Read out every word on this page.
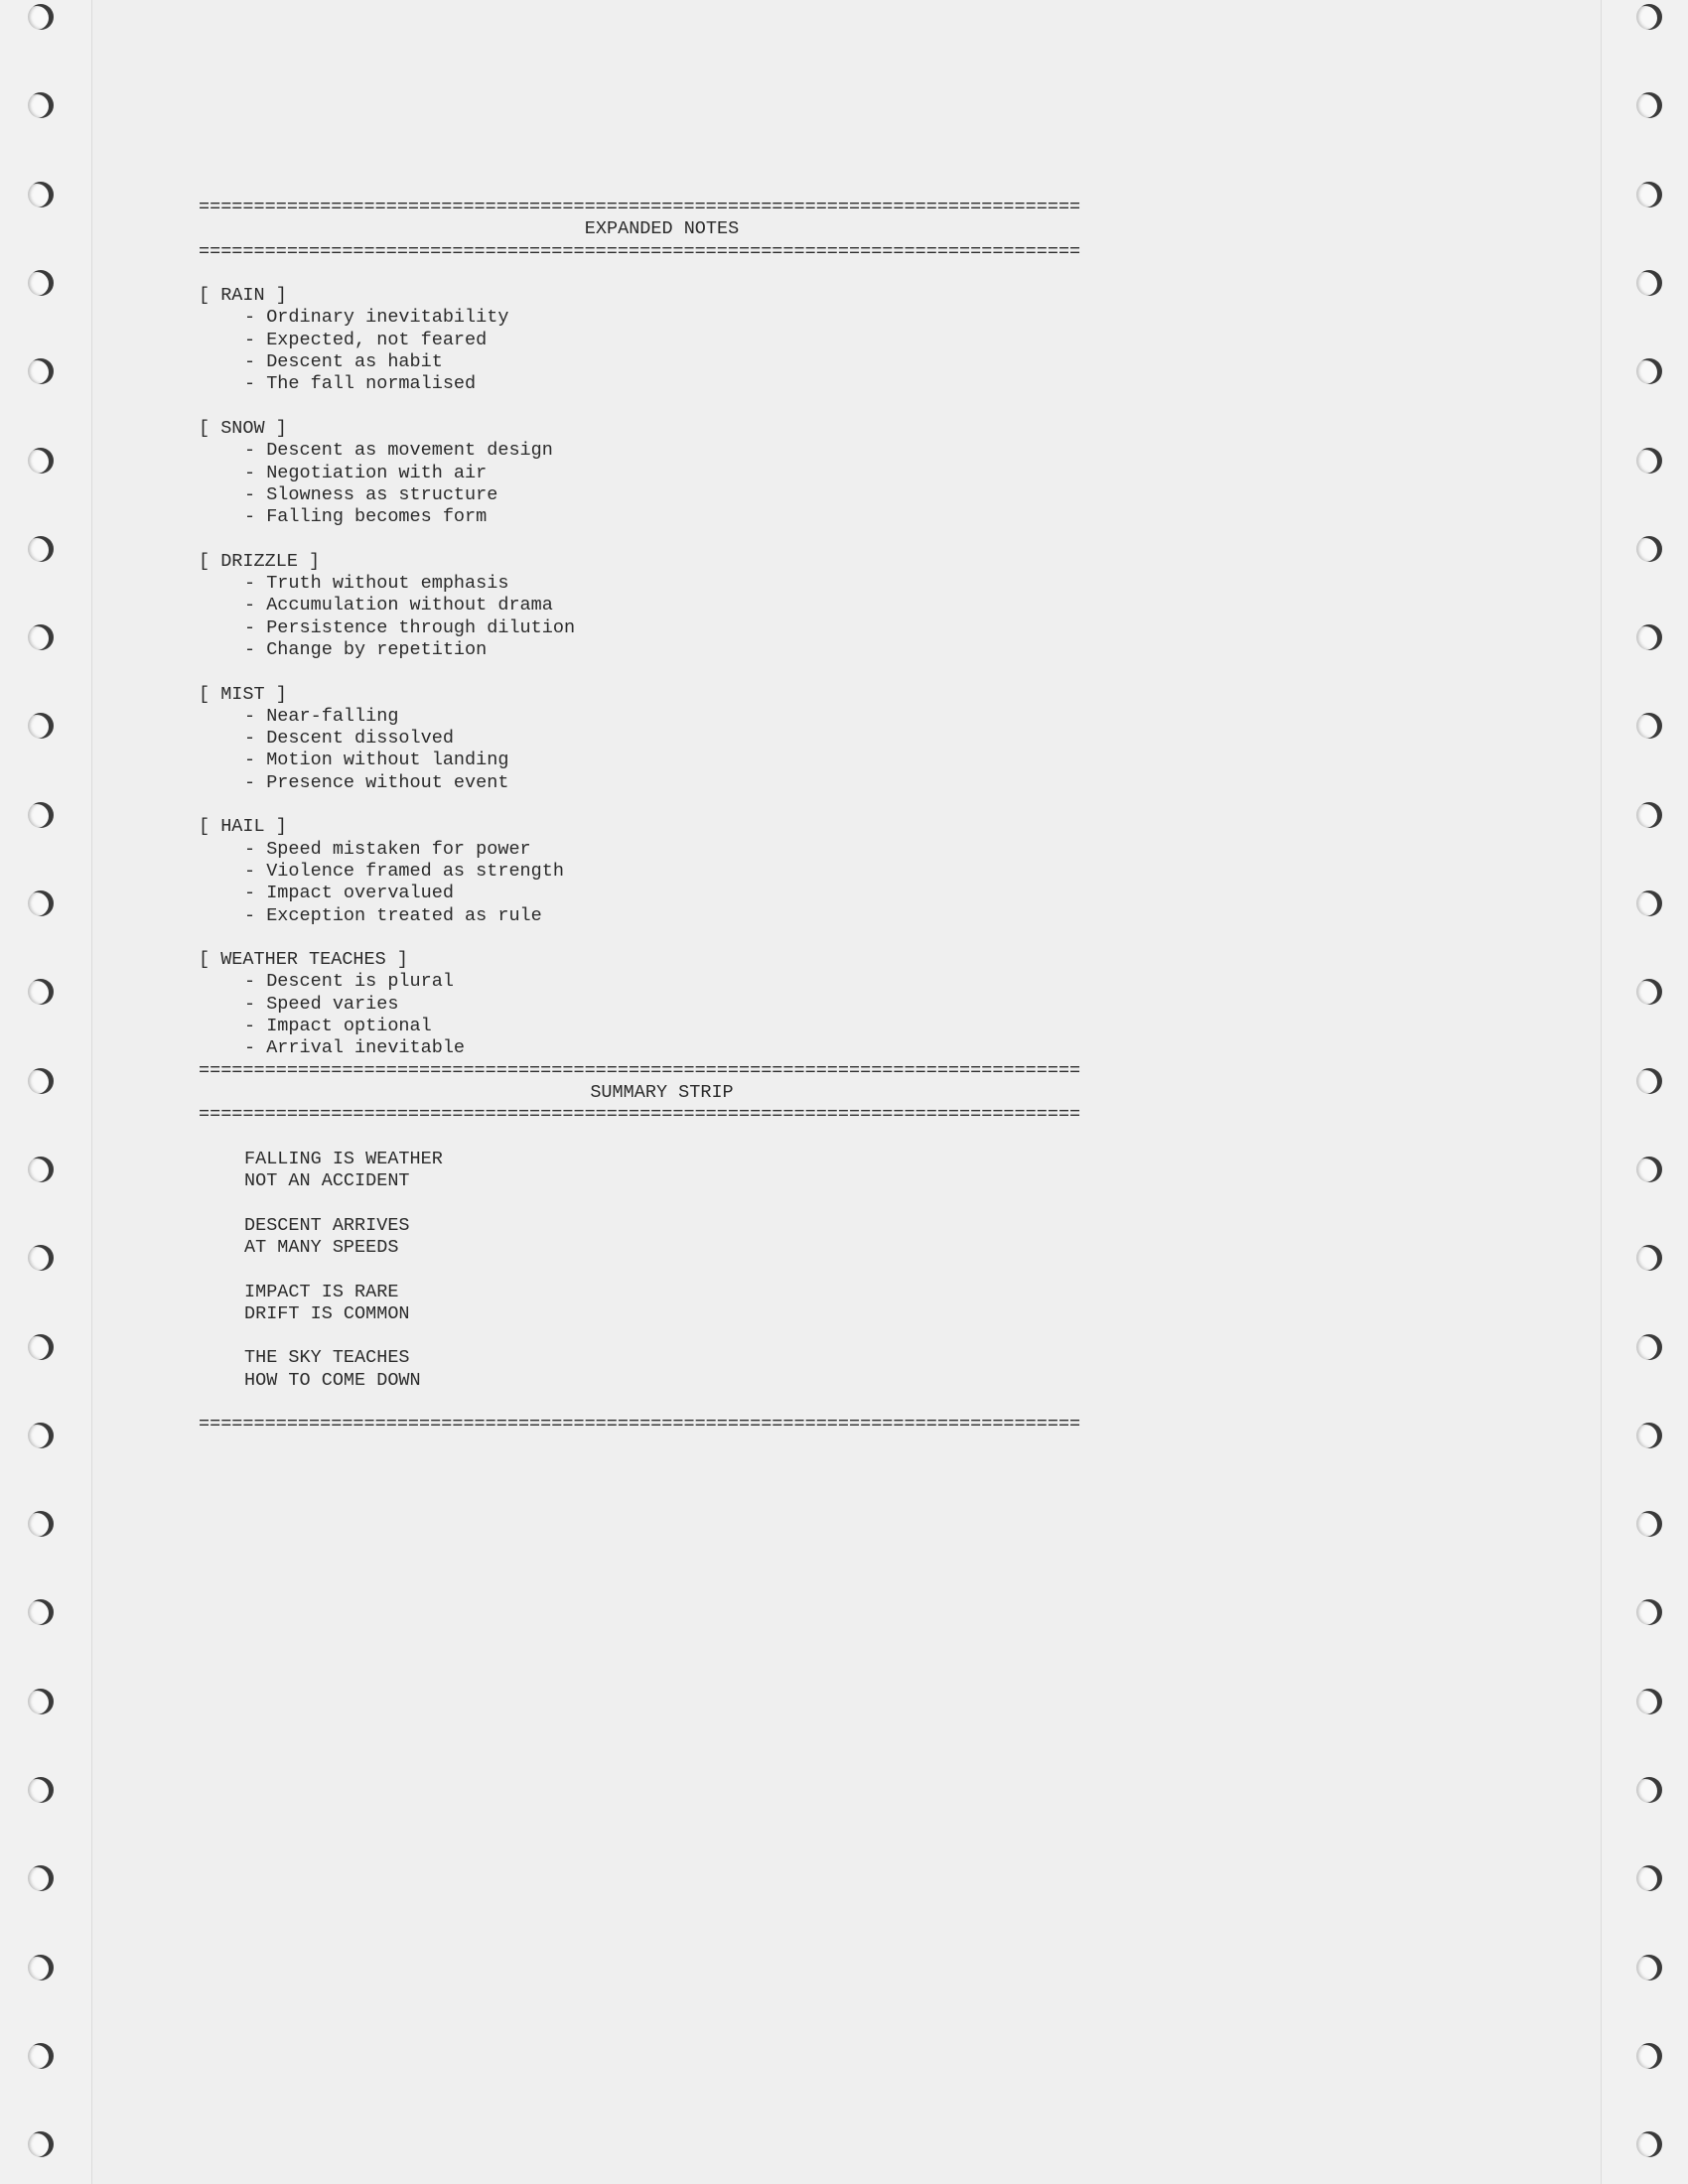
================================================================================
EXPANDED NOTES
================================================================================
[ RAIN ]
- Ordinary inevitability
- Expected, not feared
- Descent as habit
- The fall normalised
[ SNOW ]
- Descent as movement design
- Negotiation with air
- Slowness as structure
- Falling becomes form
[ DRIZZLE ]
- Truth without emphasis
- Accumulation without drama
- Persistence through dilution
- Change by repetition
[ MIST ]
- Near-falling
- Descent dissolved
- Motion without landing
- Presence without event
[ HAIL ]
- Speed mistaken for power
- Violence framed as strength
- Impact overvalued
- Exception treated as rule
[ WEATHER TEACHES ]
- Descent is plural
- Speed varies
- Impact optional
- Arrival inevitable
================================================================================
SUMMARY STRIP
================================================================================
FALLING IS WEATHER
NOT AN ACCIDENT
DESCENT ARRIVES
AT MANY SPEEDS
IMPACT IS RARE
DRIFT IS COMMON
THE SKY TEACHES
HOW TO COME DOWN
================================================================================
